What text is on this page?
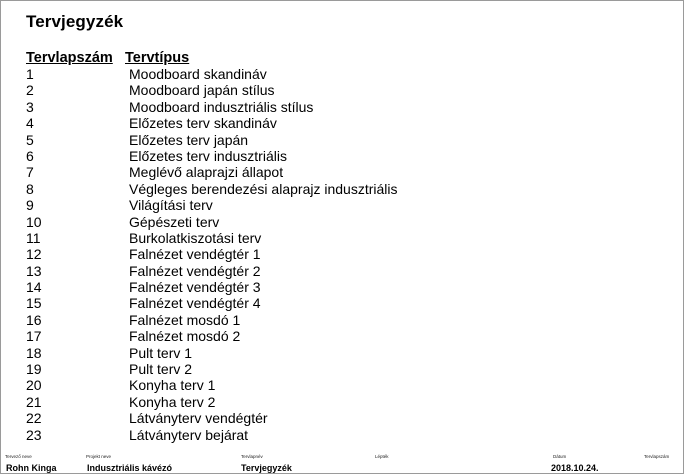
Tervjegyzék
Tervlapszám Tervtípus
1	Moodboard skandináv
2	Moodboard japán stílus
3	Moodboard indusztriális stílus
4	Előzetes terv skandináv
5	Előzetes terv japán
6	Előzetes terv indusztriális
7	Meglévő alaprajzi állapot
8	Végleges berendezési alaprajz indusztriális
9	Világítási terv
10	Gépészeti terv
11	Burkolatkiszotási terv
12	Falnézet vendégtér 1
13	Falnézet vendégtér 2
14	Falnézet vendégtér 3
15	Falnézet vendégtér 4
16	Falnézet mosdó 1
17	Falnézet mosdó 2
18	Pult terv 1
19	Pult terv 2
20	Konyha terv 1
21	Konyha terv 2
22	Látványterv vendégtér
23	Látványterv bejárat
Tervező neve
Rohn Kinga
Projekt neve
Indusztriális kávézó
Tervlapnév
Tervjegyzék
Lépték	Dátum
2018.10.24.
Tervlapszám
